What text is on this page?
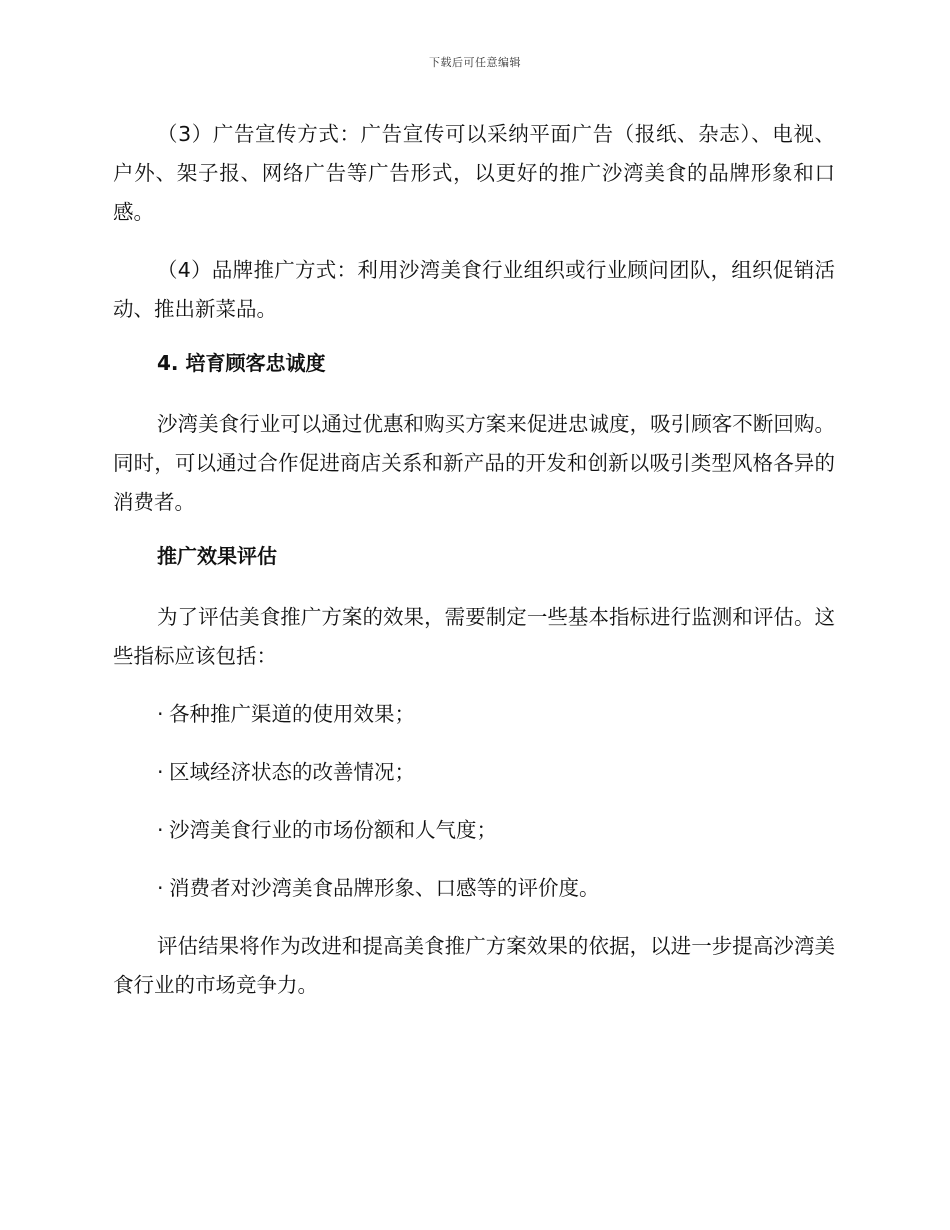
下载后可任意编辑

（3）广告宣传方式：广告宣传可以采纳平面广告（报纸、杂志）、电视、户外、架子报、网络广告等广告形式，以更好的推广沙湾美食的品牌形象和口感。

（4）品牌推广方式：利用沙湾美食行业组织或行业顾问团队，组织促销活动、推出新菜品。

4. 培育顾客忠诚度

沙湾美食行业可以通过优惠和购买方案来促进忠诚度，吸引顾客不断回购。同时，可以通过合作促进商店关系和新产品的开发和创新以吸引类型风格各异的消费者。

推广效果评估

为了评估美食推广方案的效果，需要制定一些基本指标进行监测和评估。这些指标应该包括：

· 各种推广渠道的使用效果；
· 区域经济状态的改善情况；
· 沙湾美食行业的市场份额和人气度；
· 消费者对沙湾美食品牌形象、口感等的评价度。

评估结果将作为改进和提高美食推广方案效果的依据，以进一步提高沙湾美食行业的市场竞争力。
